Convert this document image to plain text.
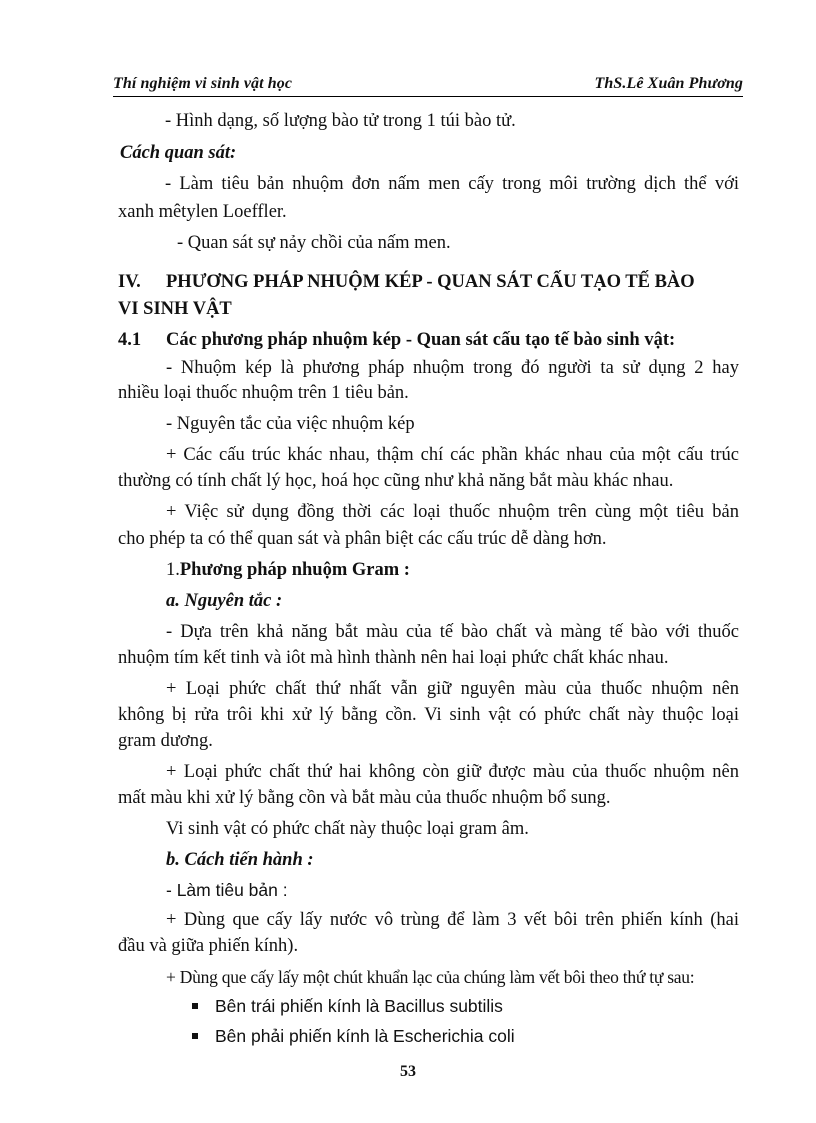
Thí nghiệm vi sinh vật học	ThS.Lê Xuân Phương
- Hình dạng, số lượng bào tử trong 1 túi bào tử.
Cách quan sát:
- Làm tiêu bản nhuộm đơn nấm men cấy trong môi trường dịch thể với
xanh mêtylen Loeffler.
- Quan sát sự nảy chồi của nấm men.
IV. PHƯƠNG PHÁP NHUỘM KÉP - QUAN SÁT CẤU TẠO TẾ BÀO
VI SINH VẬT
4.1 Các phương pháp nhuộm kép - Quan sát cấu tạo tế bào sinh vật:
- Nhuộm kép là phương pháp nhuộm trong đó người ta sử dụng 2 hay
nhiều loại thuốc nhuộm trên 1 tiêu bản.
- Nguyên tắc của việc nhuộm kép
+ Các cấu trúc khác nhau, thậm chí các phần khác nhau của một cấu trúc
thường có tính chất lý học, hoá học cũng như khả năng bắt màu khác nhau.
+ Việc sử dụng đồng thời các loại thuốc nhuộm trên cùng một tiêu bản
cho phép ta có thể quan sát và phân biệt các cấu trúc dễ dàng hơn.
1.Phương pháp nhuộm Gram :
a. Nguyên tắc :
- Dựa trên khả năng bắt màu của tế bào chất và màng tế bào với thuốc
nhuộm tím kết tinh và iôt mà hình thành nên hai loại phức chất khác nhau.
+ Loại phức chất thứ nhất vẫn giữ nguyên màu của thuốc nhuộm nên
không bị rửa trôi khi xử lý bằng cồn. Vi sinh vật có phức chất này thuộc loại
gram dương.
+ Loại phức chất thứ hai không còn giữ được màu của thuốc nhuộm nên
mất màu khi xử lý bằng cồn và bắt màu của thuốc nhuộm bổ sung.
Vi sinh vật có phức chất này thuộc loại gram âm.
b. Cách tiến hành :
- Làm tiêu bản :
+ Dùng que cấy lấy nước vô trùng để làm 3 vết bôi trên phiến kính (hai
đầu và giữa phiến kính).
+ Dùng que cấy lấy một chút khuẩn lạc của chúng làm vết bôi theo thứ tự sau:
Bên trái phiến kính là Bacillus subtilis
Bên phải phiến kính là Escherichia coli
53
